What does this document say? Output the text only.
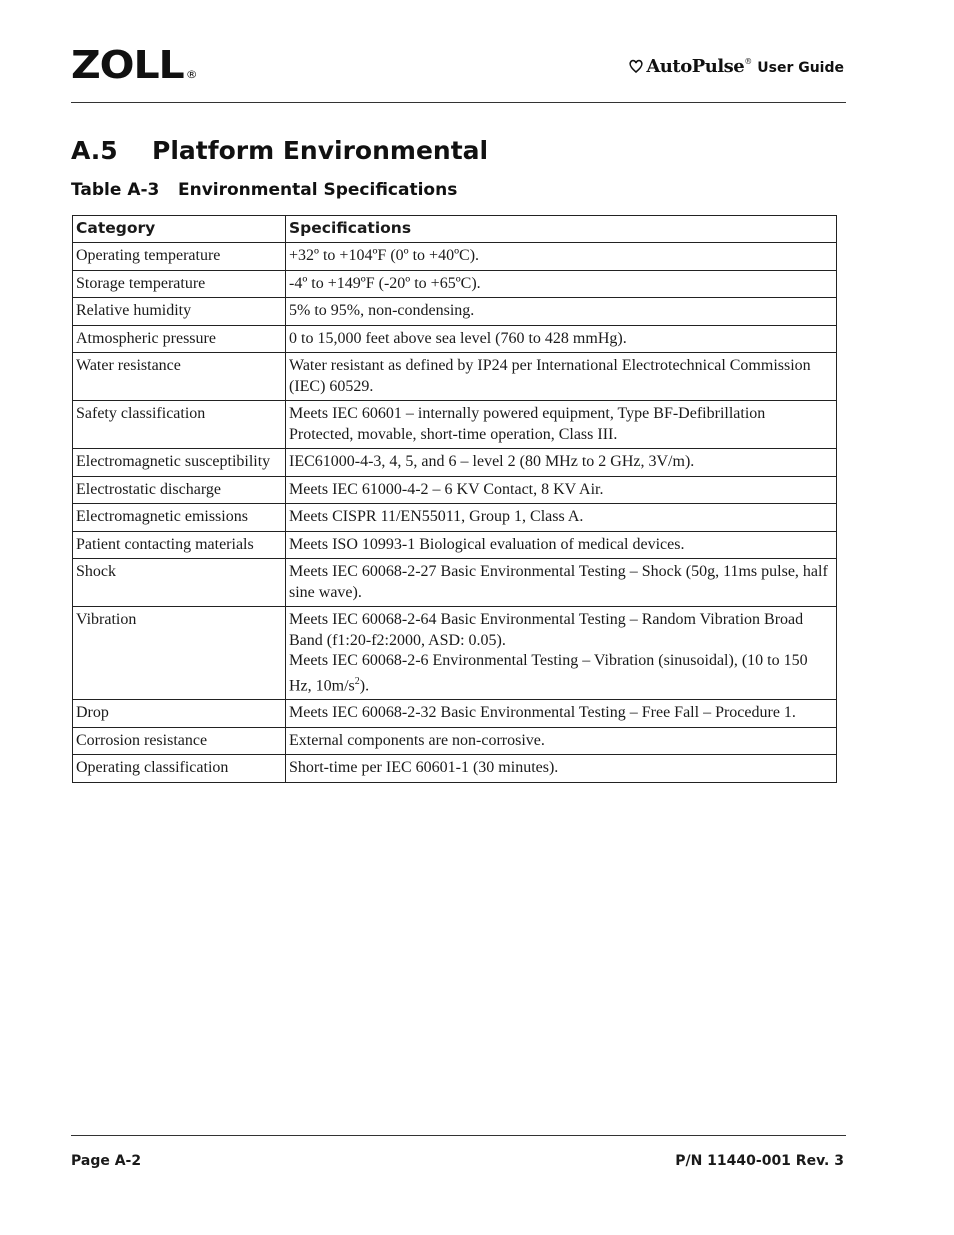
ZOLL ®	AutoPulse ® User Guide
A.5 Platform Environmental
Table A-3 Environmental Specifications
Category	Specifications
Operating temperature	+32º to +104ºF (0º to +40ºC).
Storage temperature	-4º to +149ºF (-20º to +65ºC).
Relative humidity	5% to 95%, non-condensing.
Atmospheric pressure	0 to 15,000 feet above sea level (760 to 428 mmHg).
Water resistance	Water resistant as defined by IP24 per International Electrotechnical Commission (IEC) 60529.
Safety classification	Meets IEC 60601 – internally powered equipment, Type BF-Defibrillation Protected, movable, short-time operation, Class III.
Electromagnetic susceptibility	IEC61000-4-3, 4, 5, and 6 – level 2 (80 MHz to 2 GHz, 3V/m).
Electrostatic discharge	Meets IEC 61000-4-2 – 6 KV Contact, 8 KV Air.
Electromagnetic emissions	Meets CISPR 11/EN55011, Group 1, Class A.
Patient contacting materials	Meets ISO 10993-1 Biological evaluation of medical devices.
Shock	Meets IEC 60068-2-27 Basic Environmental Testing – Shock (50g, 11ms pulse, half sine wave).
Vibration	Meets IEC 60068-2-64 Basic Environmental Testing – Random Vibration Broad Band (f1:20-f2:2000, ASD: 0.05).
Meets IEC 60068-2-6 Environmental Testing – Vibration (sinusoidal), (10 to 150 Hz, $10m/s^2$).

Drop	Meets IEC 60068-2-32 Basic Environmental Testing – Free Fall – Procedure 1.
Corrosion resistance	External components are non-corrosive.
Operating classification	Short-time per IEC 60601-1 (30 minutes).
Page A-2	P/N 11440-001 Rev. 3
